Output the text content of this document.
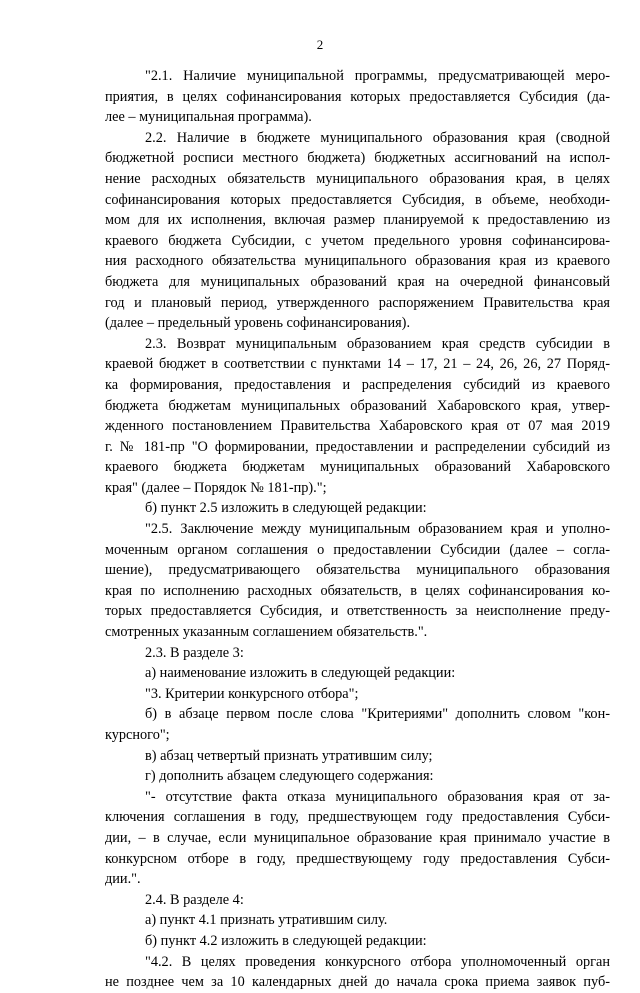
2
"2.1. Наличие муниципальной программы, предусматривающей меро-
приятия, в целях софинансирования которых предоставляется Субсидия (да-
лее – муниципальная программа).
2.2. Наличие в бюджете муниципального образования края (сводной
бюджетной росписи местного бюджета) бюджетных ассигнований на испол-
нение расходных обязательств муниципального образования края, в целях
софинансирования которых предоставляется Субсидия, в объеме, необходи-
мом для их исполнения, включая размер планируемой к предоставлению из
краевого бюджета Субсидии, с учетом предельного уровня софинансирова-
ния расходного обязательства муниципального образования края из краевого
бюджета для муниципальных образований края на очередной финансовый
год и плановый период, утвержденного распоряжением Правительства края
(далее – предельный уровень софинансирования).
2.3. Возврат муниципальным образованием края средств субсидии в
краевой бюджет в соответствии с пунктами 14 – 17, 21 – 24, 26, 26, 27 Поряд-
ка формирования, предоставления и распределения субсидий из краевого
бюджета бюджетам муниципальных образований Хабаровского края, утвер-
жденного постановлением Правительства Хабаровского края от 07 мая 2019
г. № 181-пр "О формировании, предоставлении и распределении субсидий из
краевого бюджета бюджетам муниципальных образований Хабаровского
края" (далее – Порядок № 181-пр).";
б) пункт 2.5 изложить в следующей редакции:
"2.5. Заключение между муниципальным образованием края и уполно-
моченным органом соглашения о предоставлении Субсидии (далее – согла-
шение), предусматривающего обязательства муниципального образования
края по исполнению расходных обязательств, в целях софинансирования ко-
торых предоставляется Субсидия, и ответственность за неисполнение преду-
смотренных указанным соглашением обязательств.".
2.3. В разделе 3:
а) наименование изложить в следующей редакции:
"3. Критерии конкурсного отбора";
б) в абзаце первом после слова "Критериями" дополнить словом "кон-
курсного";
в) абзац четвертый признать утратившим силу;
г) дополнить абзацем следующего содержания:
"- отсутствие факта отказа муниципального образования края от за-
ключения соглашения в году, предшествующем году предоставления Субси-
дии, – в случае, если муниципальное образование края принимало участие в
конкурсном отборе в году, предшествующему году предоставления Субси-
дии.".
2.4. В разделе 4:
а) пункт 4.1 признать утратившим силу.
б) пункт 4.2 изложить в следующей редакции:
"4.2. В целях проведения конкурсного отбора уполномоченный орган
не позднее чем за 10 календарных дней до начала срока приема заявок пуб-
